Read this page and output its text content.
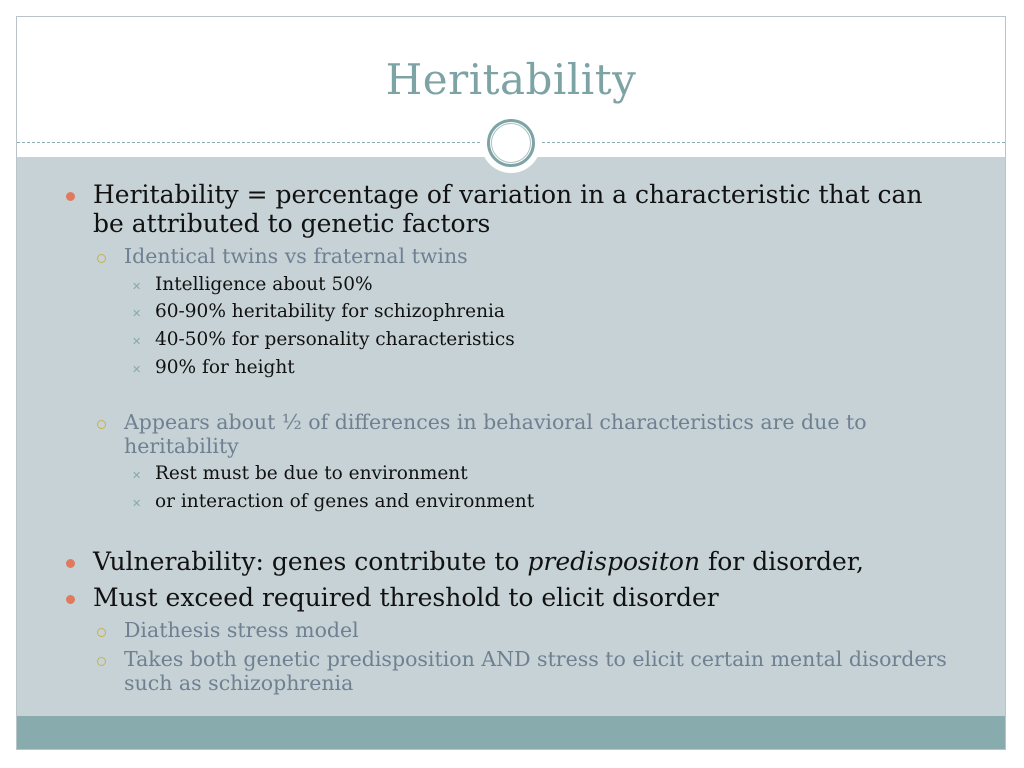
Heritability
Heritability = percentage of variation in a characteristic that can
be attributed to genetic factors
Identical twins vs fraternal twins
✕ Intelligence about 50%
✕ 60-90% heritability for schizophrenia
✕ 40-50% for personality characteristics
✕ 90% for height
Appears about ½ of differences in behavioral characteristics are due to
heritability
✕ Rest must be due to environment
✕ or interaction of genes and environment
Vulnerability: genes contribute to predispositon for disorder,
Must exceed required threshold to elicit disorder
Diathesis stress model
Takes both genetic predisposition AND stress to elicit certain mental disorders
such as schizophrenia
